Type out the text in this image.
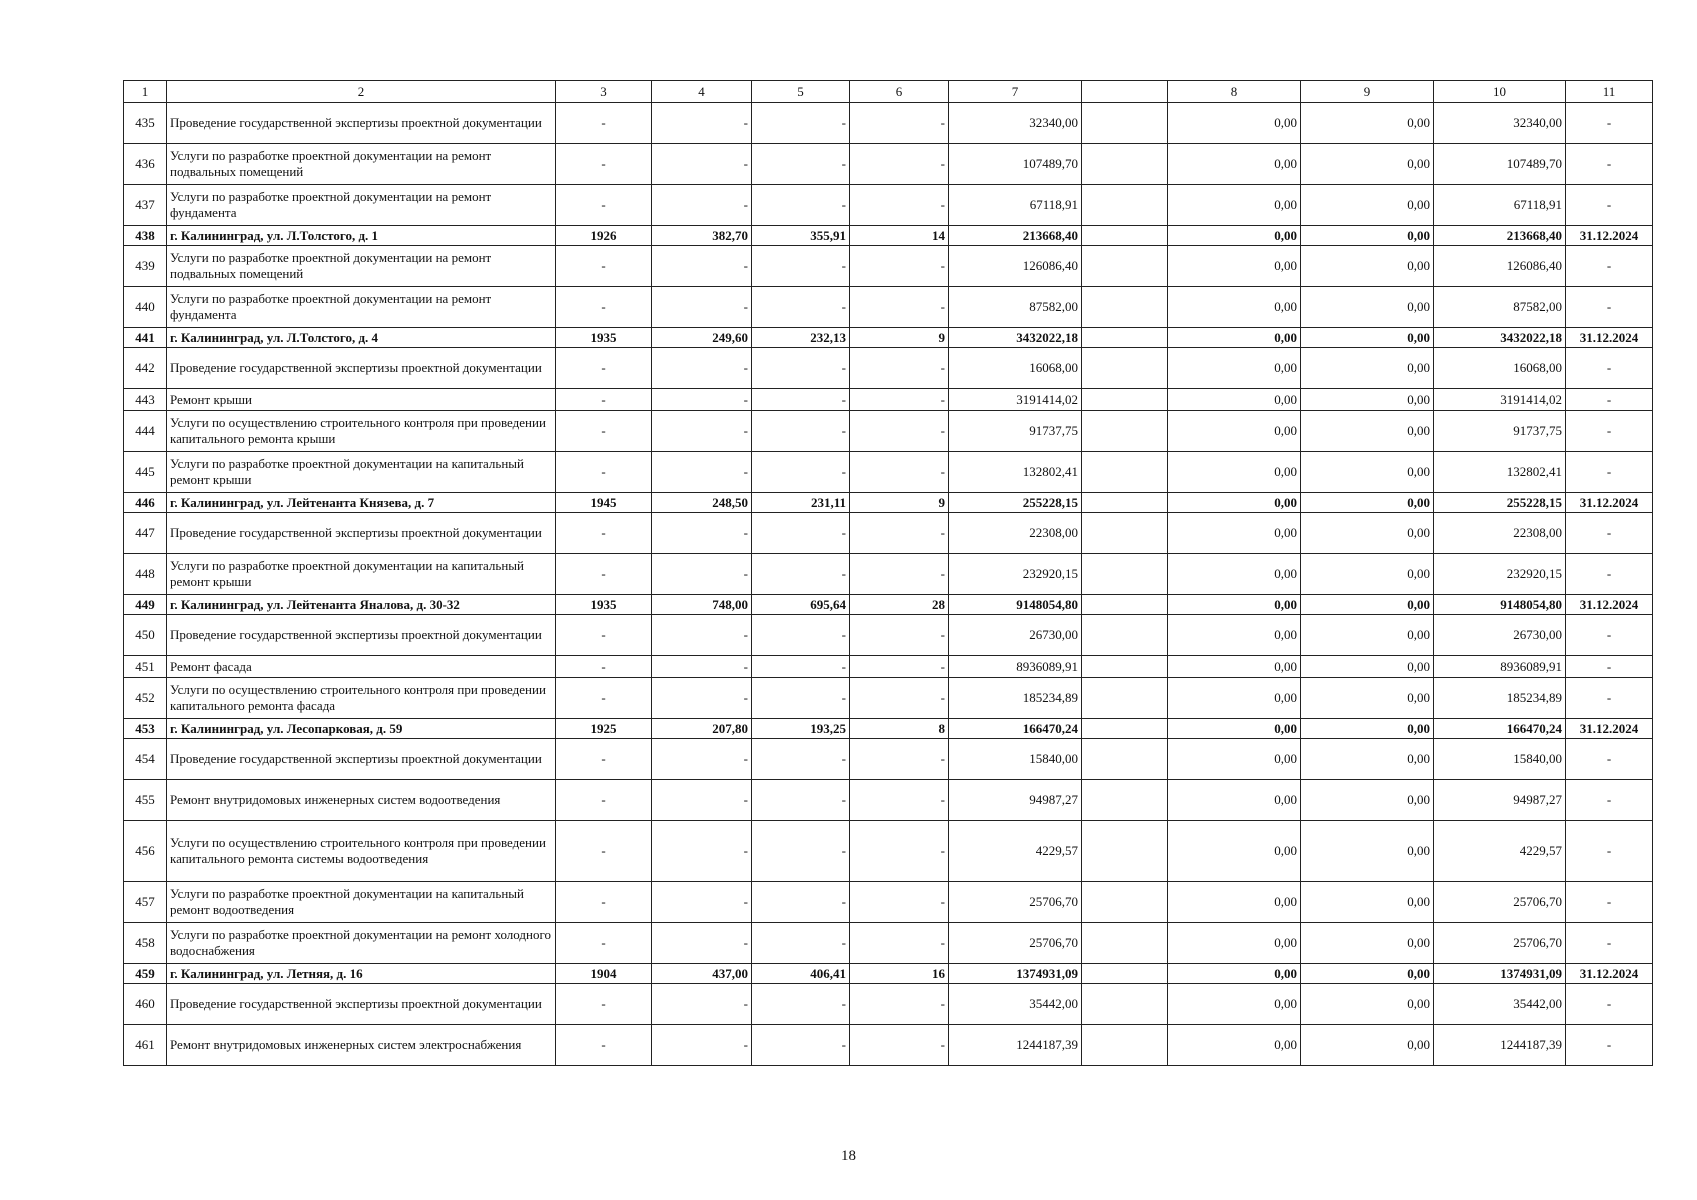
1	2	3	4	5	6	7		8	9	10	11
435	Проведение государственной экспертизы проектной документации	-	-	-	-	32340,00		0,00	0,00	32340,00	-
436	Услуги по разработке проектной документации на ремонт подвальных помещений	-	-	-	-	107489,70		0,00	0,00	107489,70	-
437	Услуги по разработке проектной документации на ремонт фундамента	-	-	-	-	67118,91		0,00	0,00	67118,91	-
438	г. Калининград, ул. Л.Толстого, д. 1	1926	382,70	355,91	14	213668,40		0,00	0,00	213668,40	31.12.2024
439	Услуги по разработке проектной документации на ремонт подвальных помещений	-	-	-	-	126086,40		0,00	0,00	126086,40	-
440	Услуги по разработке проектной документации на ремонт фундамента	-	-	-	-	87582,00		0,00	0,00	87582,00	-
441	г. Калининград, ул. Л.Толстого, д. 4	1935	249,60	232,13	9	3432022,18		0,00	0,00	3432022,18	31.12.2024
442	Проведение государственной экспертизы проектной документации	-	-	-	-	16068,00		0,00	0,00	16068,00	-
443	Ремонт крыши	-	-	-	-	3191414,02		0,00	0,00	3191414,02	-
444	Услуги по осуществлению строительного контроля при проведении капитального ремонта крыши	-	-	-	-	91737,75		0,00	0,00	91737,75	-
445	Услуги по разработке проектной документации на капитальный ремонт крыши	-	-	-	-	132802,41		0,00	0,00	132802,41	-
446	г. Калининград, ул. Лейтенанта Князева, д. 7	1945	248,50	231,11	9	255228,15		0,00	0,00	255228,15	31.12.2024
447	Проведение государственной экспертизы проектной документации	-	-	-	-	22308,00		0,00	0,00	22308,00	-
448	Услуги по разработке проектной документации на капитальный ремонт крыши	-	-	-	-	232920,15		0,00	0,00	232920,15	-
449	г. Калининград, ул. Лейтенанта Яналова, д. 30-32	1935	748,00	695,64	28	9148054,80		0,00	0,00	9148054,80	31.12.2024
450	Проведение государственной экспертизы проектной документации	-	-	-	-	26730,00		0,00	0,00	26730,00	-
451	Ремонт фасада	-	-	-	-	8936089,91		0,00	0,00	8936089,91	-
452	Услуги по осуществлению строительного контроля при проведении капитального ремонта фасада	-	-	-	-	185234,89		0,00	0,00	185234,89	-
453	г. Калининград, ул. Лесопарковая, д. 59	1925	207,80	193,25	8	166470,24		0,00	0,00	166470,24	31.12.2024
454	Проведение государственной экспертизы проектной документации	-	-	-	-	15840,00		0,00	0,00	15840,00	-
455	Ремонт внутридомовых инженерных систем водоотведения	-	-	-	-	94987,27		0,00	0,00	94987,27	-
456	Услуги по осуществлению строительного контроля при проведении капитального ремонта системы водоотведения	-	-	-	-	4229,57		0,00	0,00	4229,57	-
457	Услуги по разработке проектной документации на капитальный ремонт водоотведения	-	-	-	-	25706,70		0,00	0,00	25706,70	-
458	Услуги по разработке проектной документации на ремонт холодного водоснабжения	-	-	-	-	25706,70		0,00	0,00	25706,70	-
459	г. Калининград, ул. Летняя, д. 16	1904	437,00	406,41	16	1374931,09		0,00	0,00	1374931,09	31.12.2024
460	Проведение государственной экспертизы проектной документации	-	-	-	-	35442,00		0,00	0,00	35442,00	-
461	Ремонт внутридомовых инженерных систем электроснабжения	-	-	-	-	1244187,39		0,00	0,00	1244187,39	-
18
